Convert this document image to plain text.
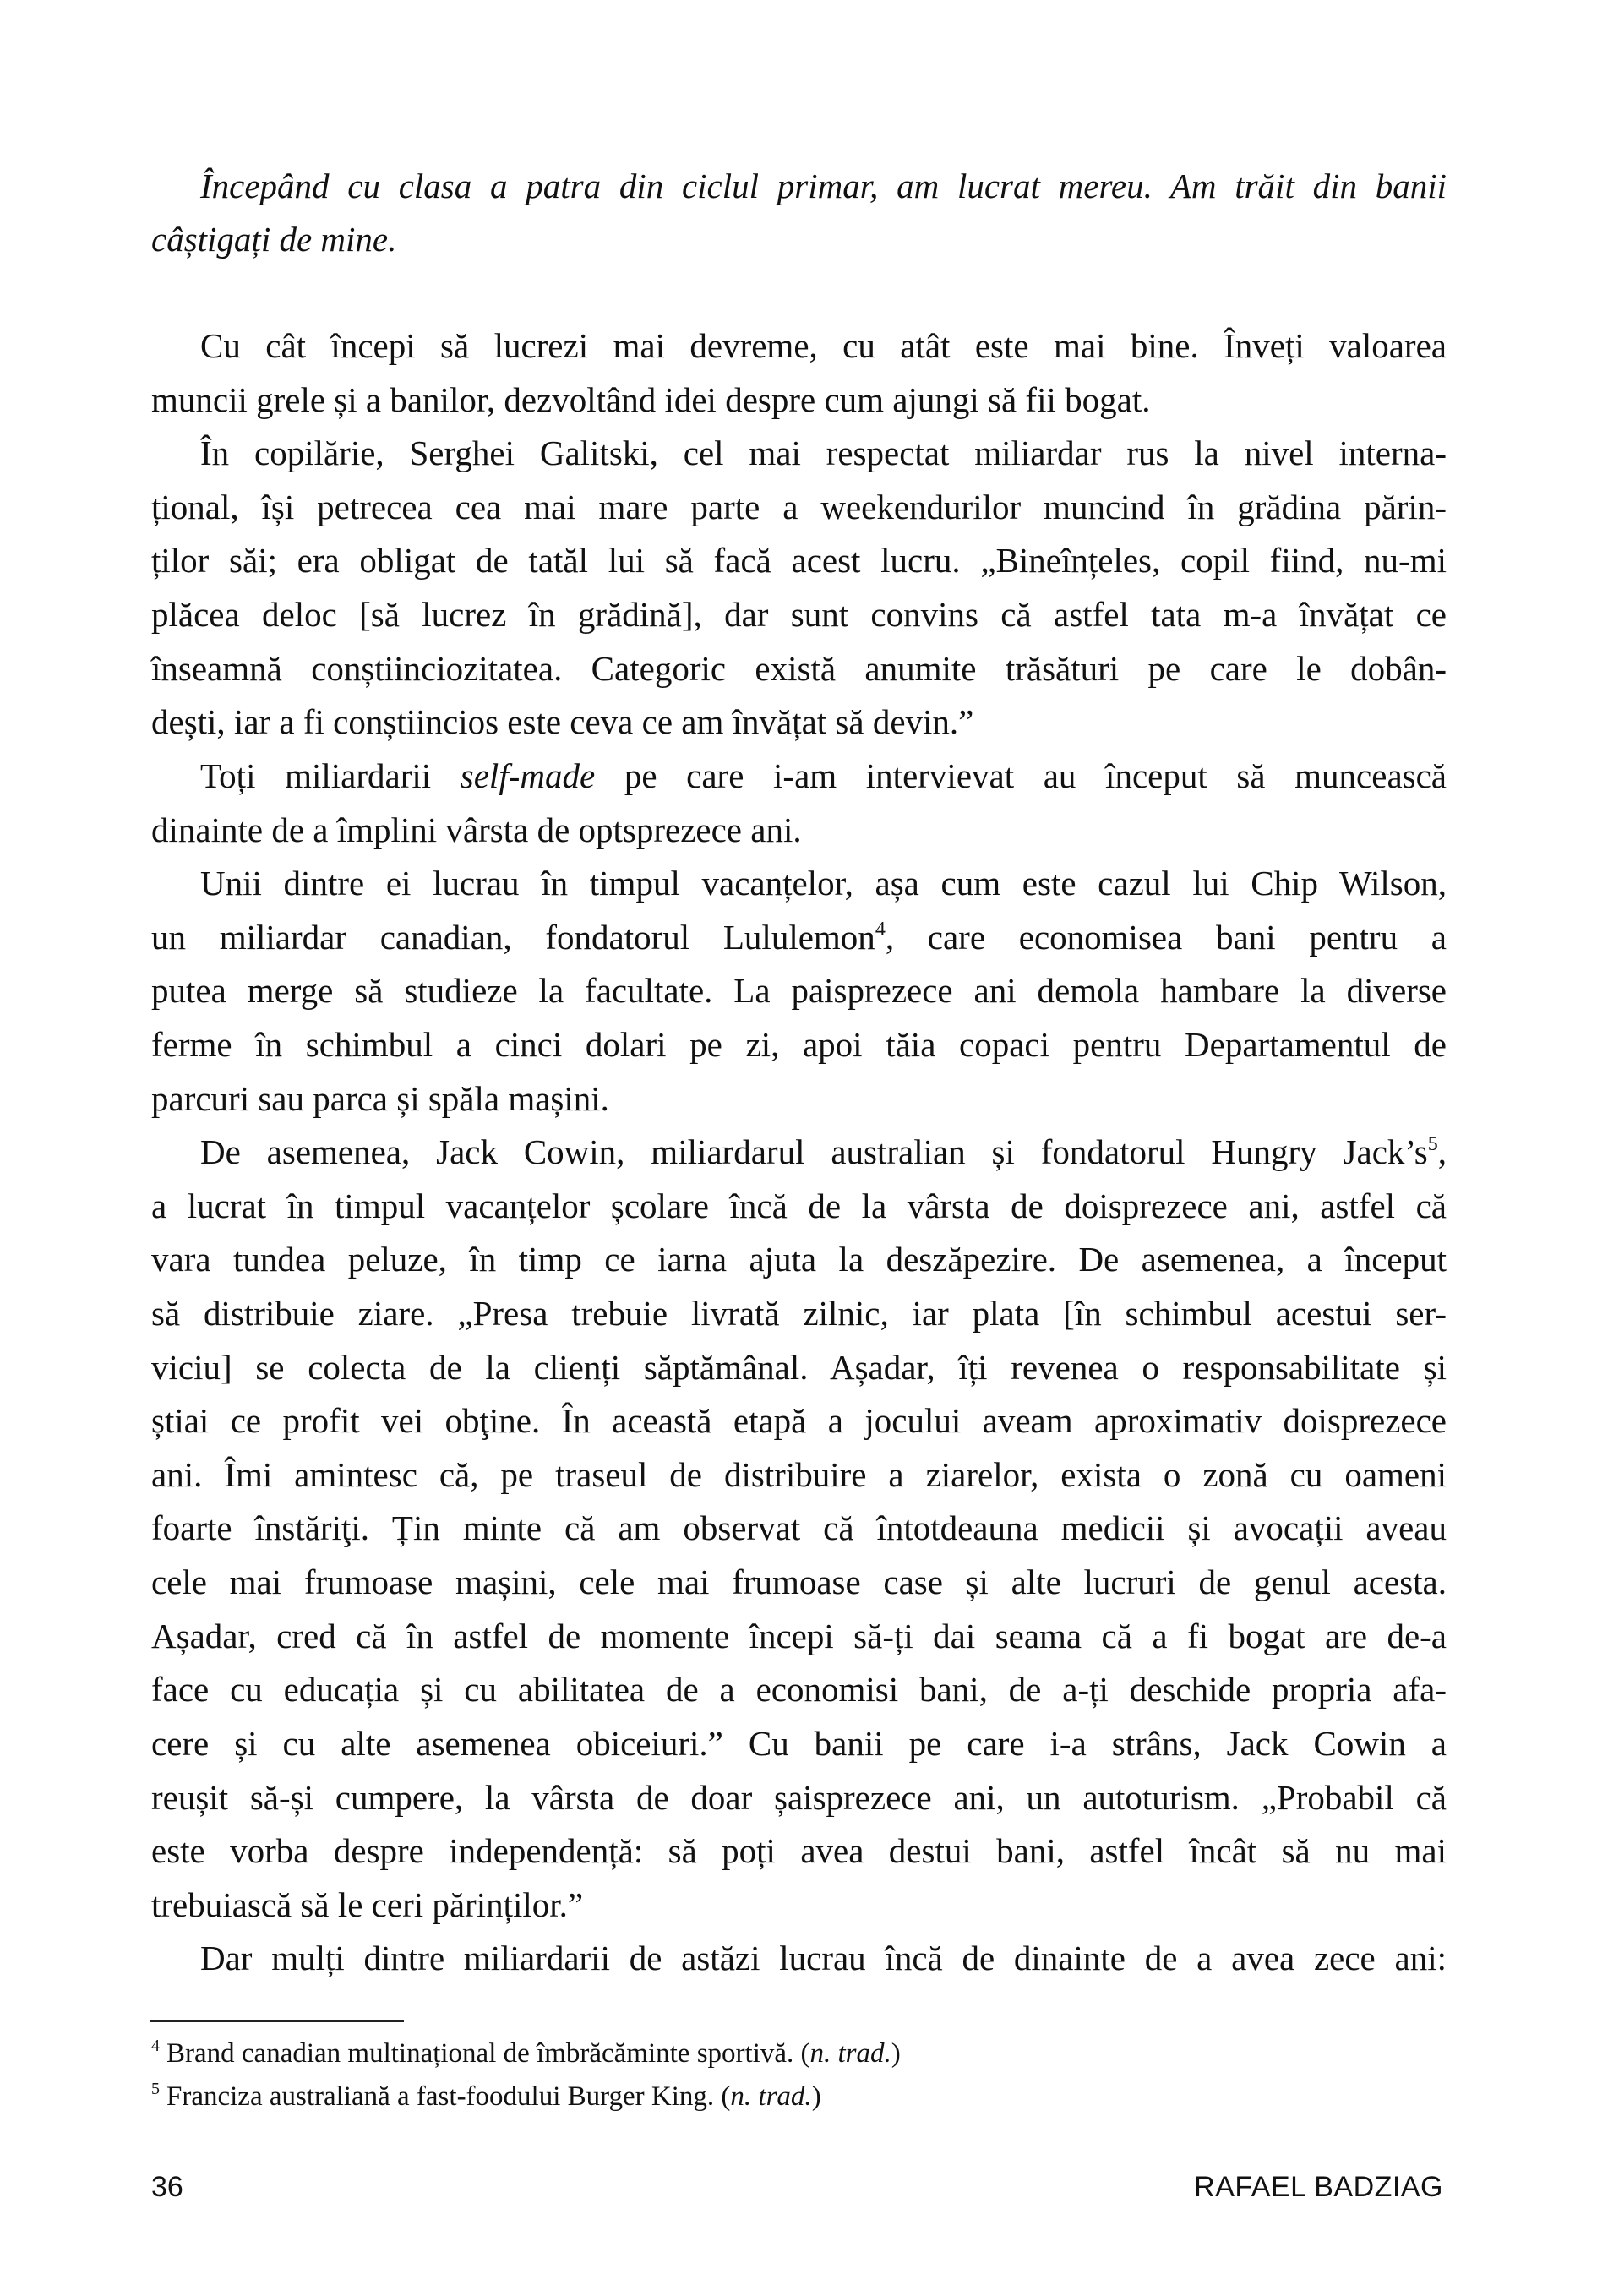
Începând cu clasa a patra din ciclul primar, am lucrat mereu. Am trăit din banii
câștigați de mine.
Cu cât începi să lucrezi mai devreme, cu atât este mai bine. Înveți valoarea
muncii grele și a banilor, dezvoltând idei despre cum ajungi să fii bogat.
În copilărie, Serghei Galitski, cel mai respectat miliardar rus la nivel interna-
țional, își petrecea cea mai mare parte a weekendurilor muncind în grădina părin-
ților săi; era obligat de tatăl lui să facă acest lucru. „Bineînțeles, copil fiind, nu-mi
plăcea deloc [să lucrez în grădină], dar sunt convins că astfel tata m-a învățat ce
înseamnă conștiinciozitatea. Categoric există anumite trăsături pe care le dobân-
dești, iar a fi conștiincios este ceva ce am învățat să devin.”
Toți miliardarii self-made pe care i-am intervievat au început să muncească
dinainte de a împlini vârsta de optsprezece ani.
Unii dintre ei lucrau în timpul vacanțelor, așa cum este cazul lui Chip Wilson,
un miliardar canadian, fondatorul Lululemon$^4$, care economisea bani pentru a
putea merge să studieze la facultate. La paisprezece ani demola hambare la diverse
ferme în schimbul a cinci dolari pe zi, apoi tăia copaci pentru Departamentul de
parcuri sau parca și spăla mașini.
De asemenea, Jack Cowin, miliardarul australian și fondatorul Hungry Jack’s$^5$,
a lucrat în timpul vacanțelor școlare încă de la vârsta de doisprezece ani, astfel că
vara tundea peluze, în timp ce iarna ajuta la deszăpezire. De asemenea, a început
să distribuie ziare. „Presa trebuie livrată zilnic, iar plata [în schimbul acestui ser-
viciu] se colecta de la clienți săptămânal. Așadar, îți revenea o responsabilitate și
știai ce profit vei obţine. În această etapă a jocului aveam aproximativ doisprezece
ani. Îmi amintesc că, pe traseul de distribuire a ziarelor, exista o zonă cu oameni
foarte înstăriţi. Țin minte că am observat că întotdeauna medicii și avocații aveau
cele mai frumoase mașini, cele mai frumoase case și alte lucruri de genul acesta.
Așadar, cred că în astfel de momente începi să-ți dai seama că a fi bogat are de-a
face cu educația și cu abilitatea de a economisi bani, de a-ți deschide propria afa-
cere și cu alte asemenea obiceiuri.” Cu banii pe care i-a strâns, Jack Cowin a
reușit să-și cumpere, la vârsta de doar șaisprezece ani, un autoturism. „Probabil că
este vorba despre independență: să poți avea destui bani, astfel încât să nu mai
trebuiască să le ceri părinților.”
Dar mulți dintre miliardarii de astăzi lucrau încă de dinainte de a avea zece ani:
$^4$ Brand canadian multinațional de îmbrăcăminte sportivă. (n. trad.)
$^5$ Franciza australiană a fast-foodului Burger King. (n. trad.)
36	RAFAEL BADZIAG
